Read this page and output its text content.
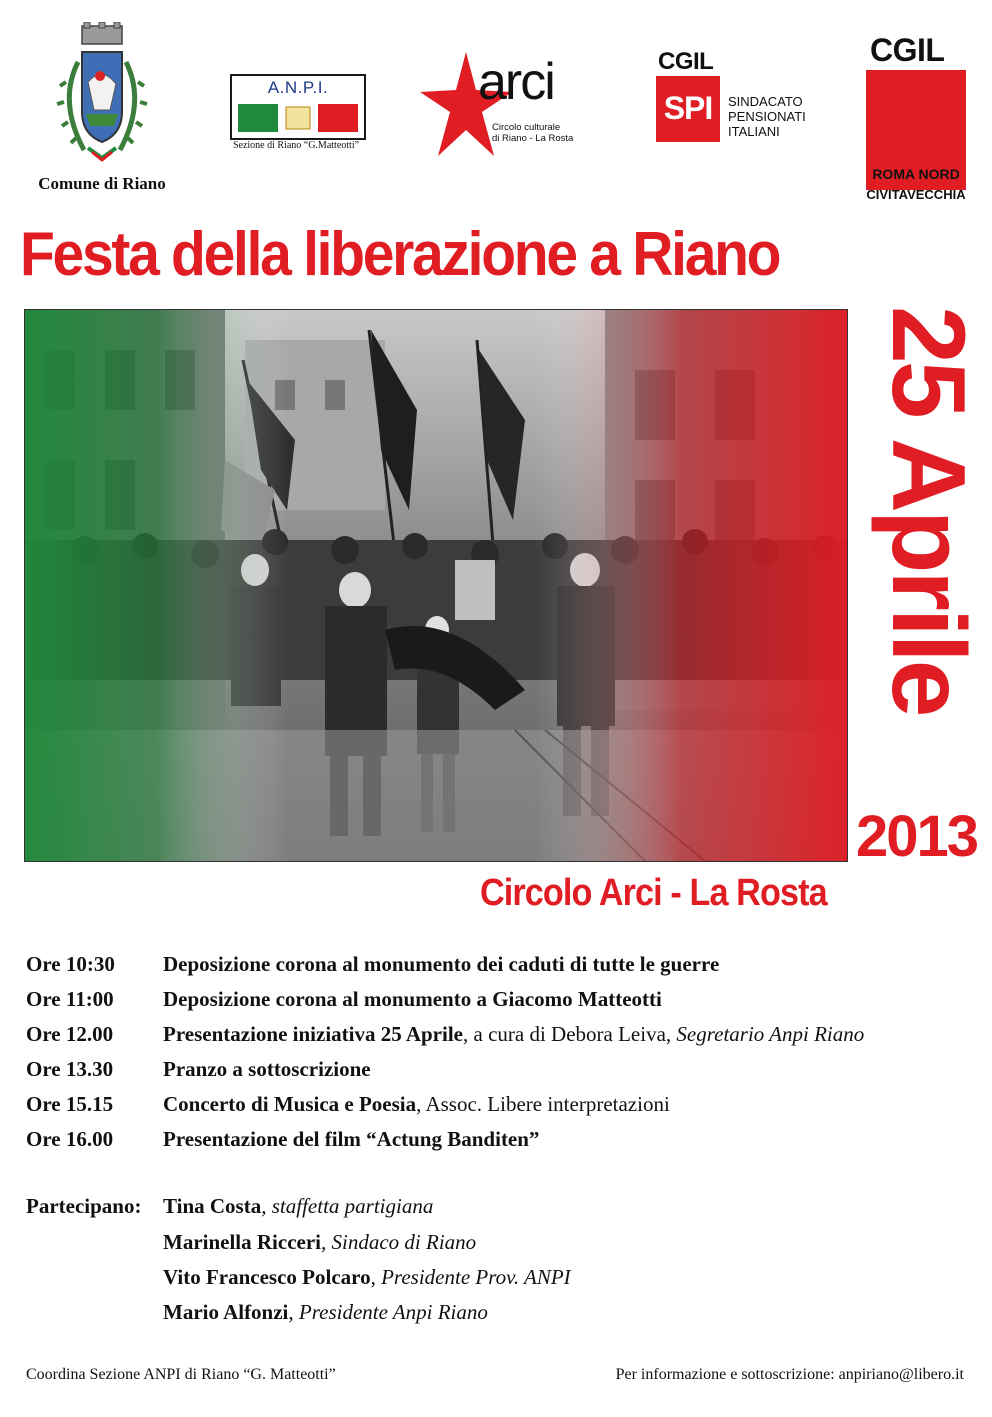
Comune di Riano
A.N.P.I.
Sezione di Riano “G.Matteotti”
arci
Circolo culturale
di Riano - La Rosta
CGIL
SPI	SINDACATO
PENSIONATI
ITALIANI
CGIL
ROMA NORD
CIVITAVECCHIA
Festa della liberazione a Riano
25 Aprile
2013
Circolo Arci - La Rosta
Ore 10:30 Deposizione corona al monumento dei caduti di tutte le guerre
Ore 11:00 Deposizione corona al monumento a Giacomo Matteotti
Ore 12.00 Presentazione iniziativa 25 Aprile, a cura di Debora Leiva, Segretario Anpi Riano
Ore 13.30 Pranzo a sottoscrizione
Ore 15.15 Concerto di Musica e Poesia, Assoc. Libere interpretazioni
Ore 16.00 Presentazione del film “Actung Banditen”
Partecipano: Tina Costa, staffetta partigiana
Marinella Ricceri, Sindaco di Riano
Vito Francesco Polcaro, Presidente Prov. ANPI
Mario Alfonzi, Presidente Anpi Riano
Coordina Sezione ANPI di Riano “G. Matteotti”	Per informazione e sottoscrizione: anpiriano@libero.it
